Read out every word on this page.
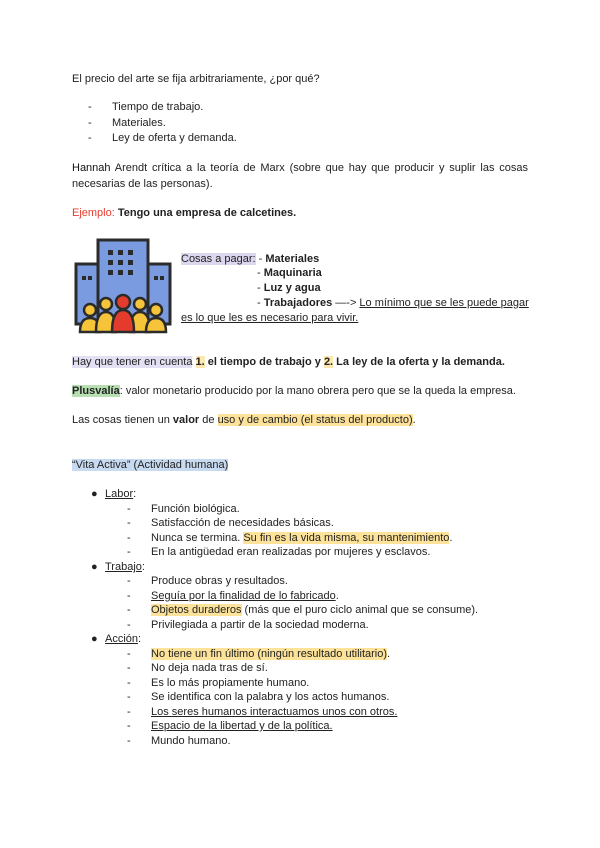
El precio del arte se fija arbitrariamente, ¿por qué?
- Tiempo de trabajo.
- Materiales.
- Ley de oferta y demanda.
Hannah Arendt crítica a la teoría de Marx (sobre que hay que producir y suplir las cosas necesarias de las personas).
Ejemplo: Tengo una empresa de calcetines.
Cosas a pagar: - Materiales
- Maquinaria
- Luz y agua
- Trabajadores —-> Lo mínimo que se les puede pagar
es lo que les es necesario para vivir.
Hay que tener en cuenta 1. el tiempo de trabajo y 2. La ley de la oferta y la demanda.
Plusvalía: valor monetario producido por la mano obrera pero que se la queda la empresa.
Las cosas tienen un valor de uso y de cambio (el status del producto).
“Vita Activa” (Actividad humana)
● Labor:
- Función biológica.
- Satisfacción de necesidades básicas.
- Nunca se termina. Su fin es la vida misma, su mantenimiento.
- En la antigüedad eran realizadas por mujeres y esclavos.
● Trabajo:
- Produce obras y resultados.
- Seguía por la finalidad de lo fabricado.
- Objetos duraderos (más que el puro ciclo animal que se consume).
- Privilegiada a partir de la sociedad moderna.
● Acción:
- No tiene un fin último (ningún resultado utilitario).
- No deja nada tras de sí.
- Es lo más propiamente humano.
- Se identifica con la palabra y los actos humanos.
- Los seres humanos interactuamos unos con otros.
- Espacio de la libertad y de la política.
- Mundo humano.
